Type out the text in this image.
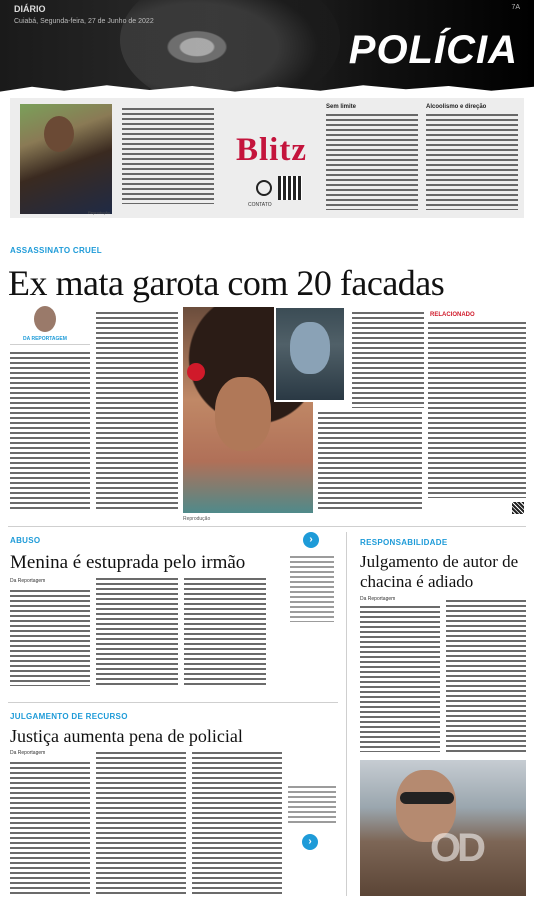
DIÁRIO
Cuiabá, Segunda-feira, 27 de Junho de 2022
7A
POLÍCIA
Blitz
CONTATO
Sem limite	Alcoolismo e direção
Reprodução
ASSASSINATO CRUEL
Ex mata garota com 20 facadas
DA REPORTAGEM
Reprodução
RELACIONADO
ABUSO
Menina é estuprada pelo irmão
Da Reportagem
›	RESPONSABILIDADE
Julgamento de autor de chacina é adiado
Da Reportagem
JULGAMENTO DE RECURSO
Justiça aumenta pena de policial
Da Reportagem
›	OD
